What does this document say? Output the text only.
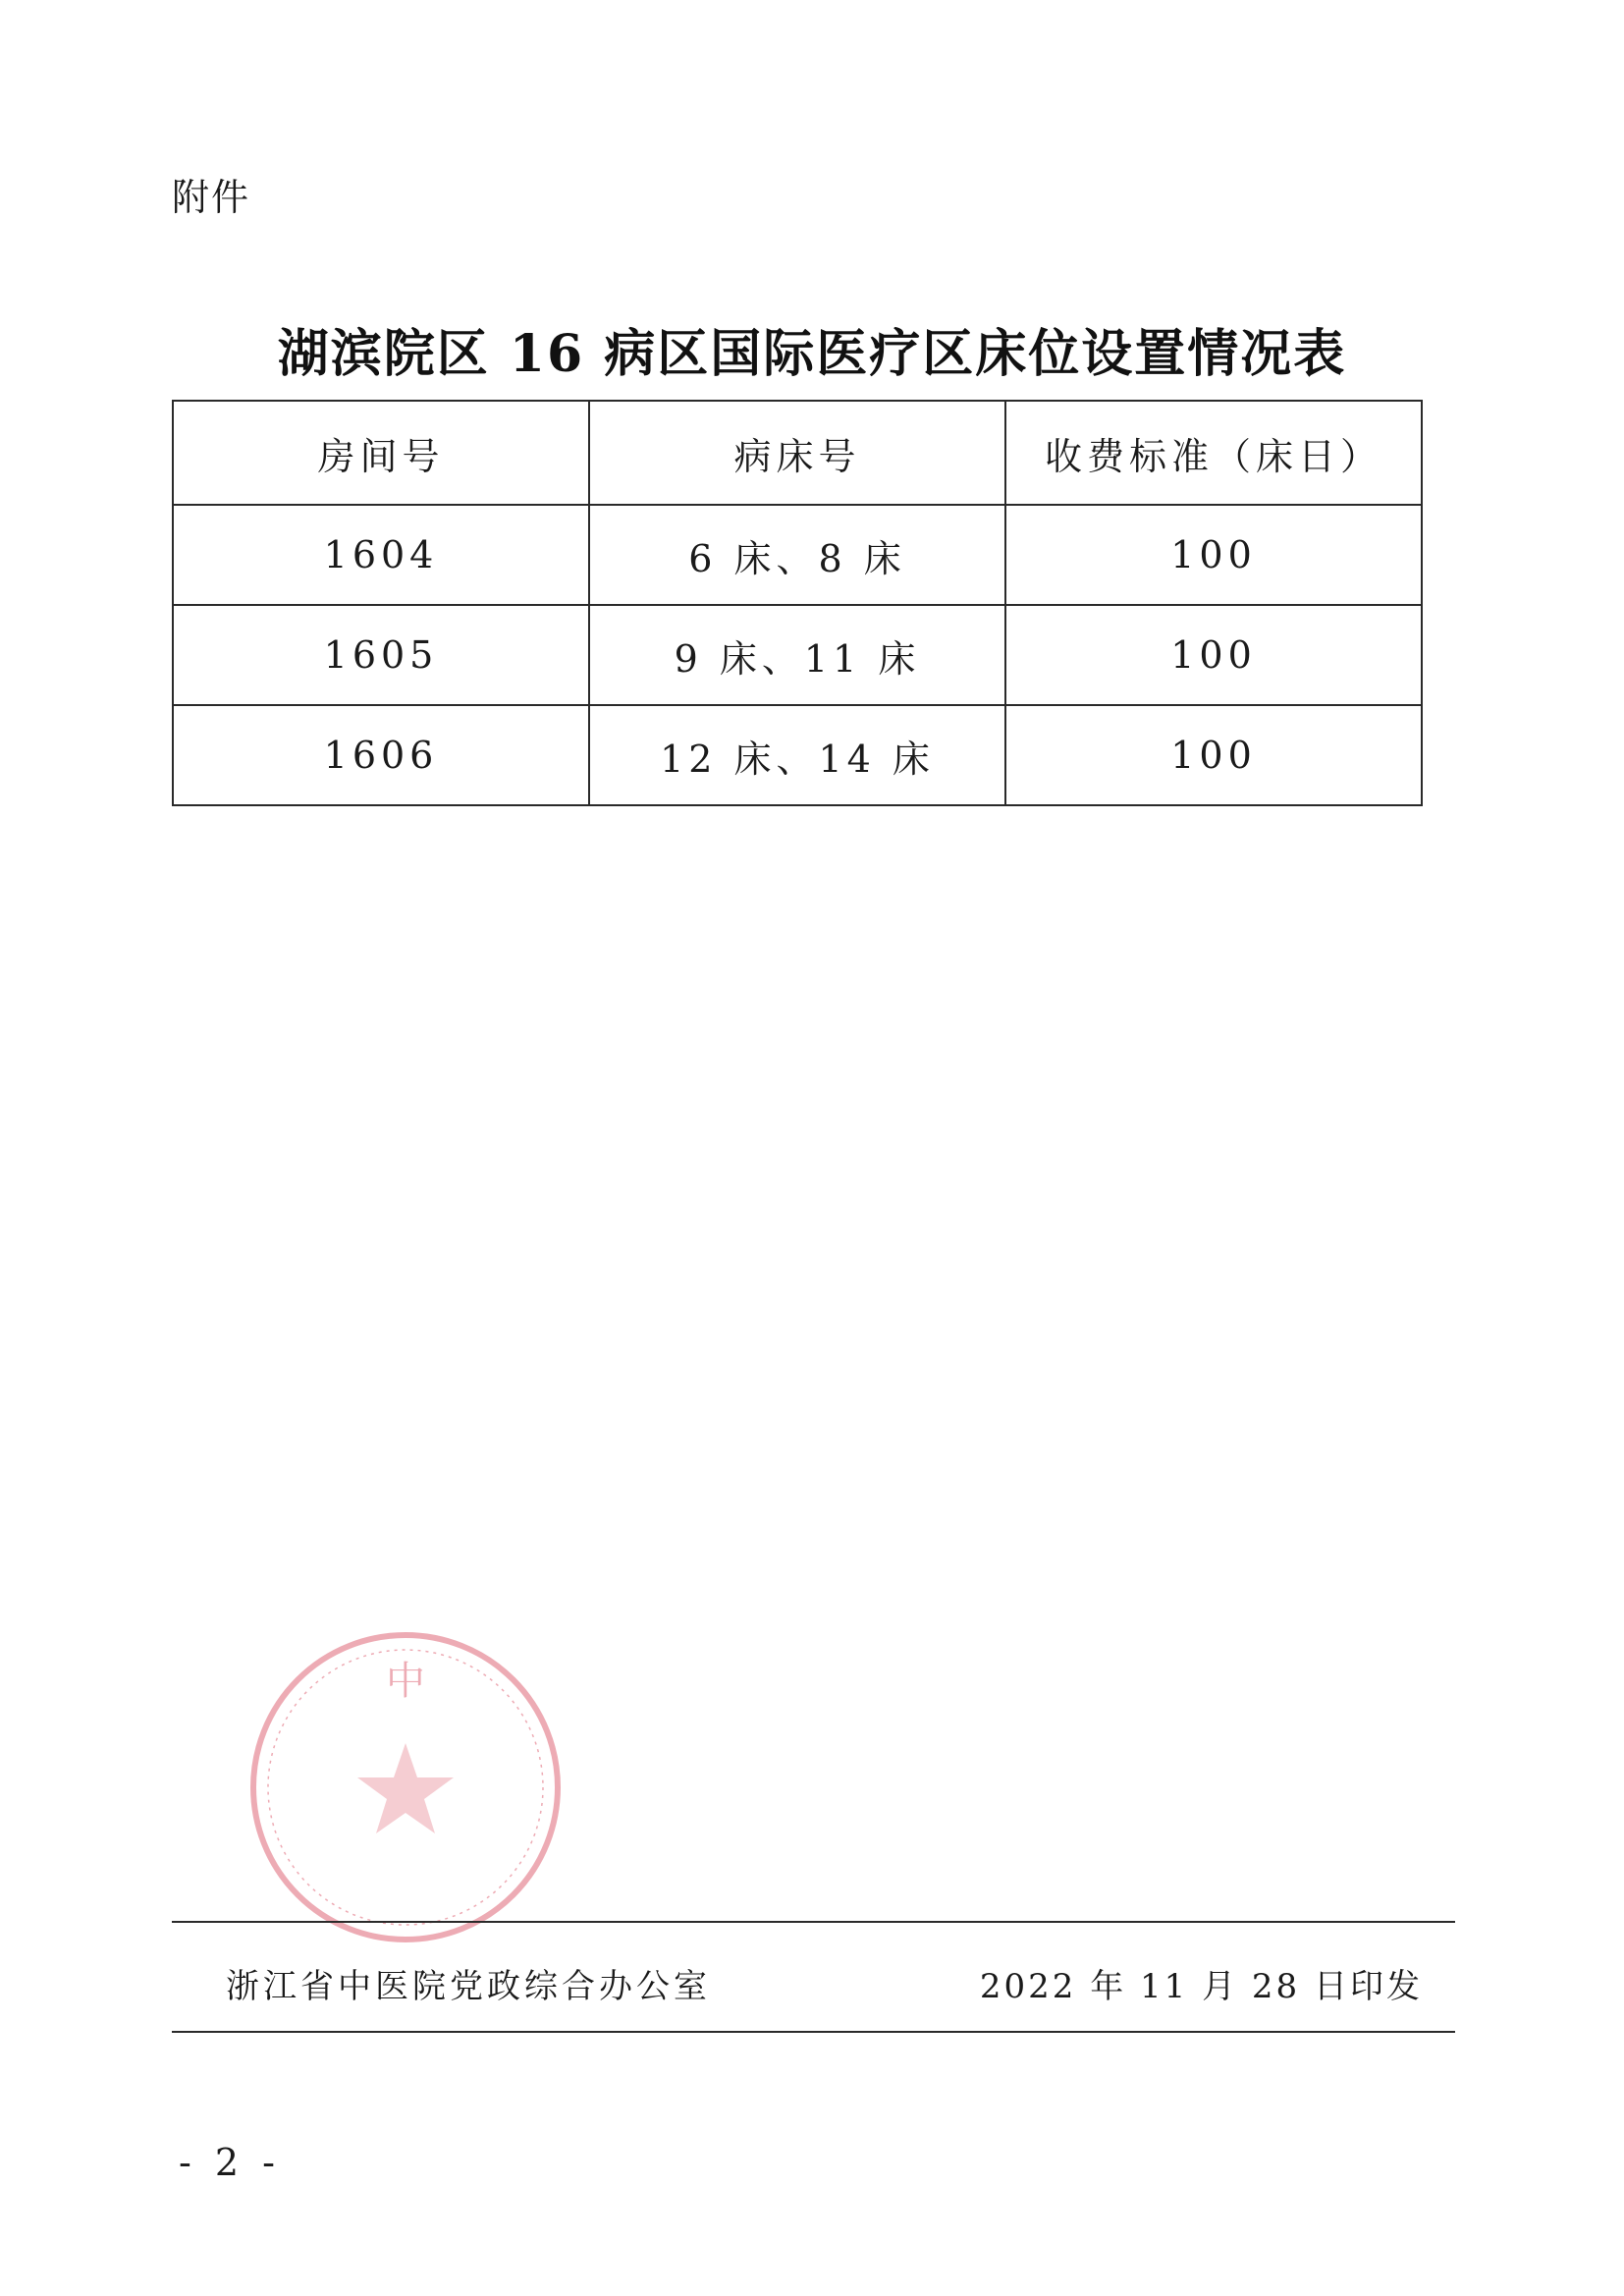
附件
湖滨院区 16 病区国际医疗区床位设置情况表
房间号	病床号	收费标准（床日）
1604	6 床、8 床	100
1605	9 床、11 床	100
1606	12 床、14 床	100
中
浙江省中医院党政综合办公室	2022 年 11 月 28 日印发
- 2 -
